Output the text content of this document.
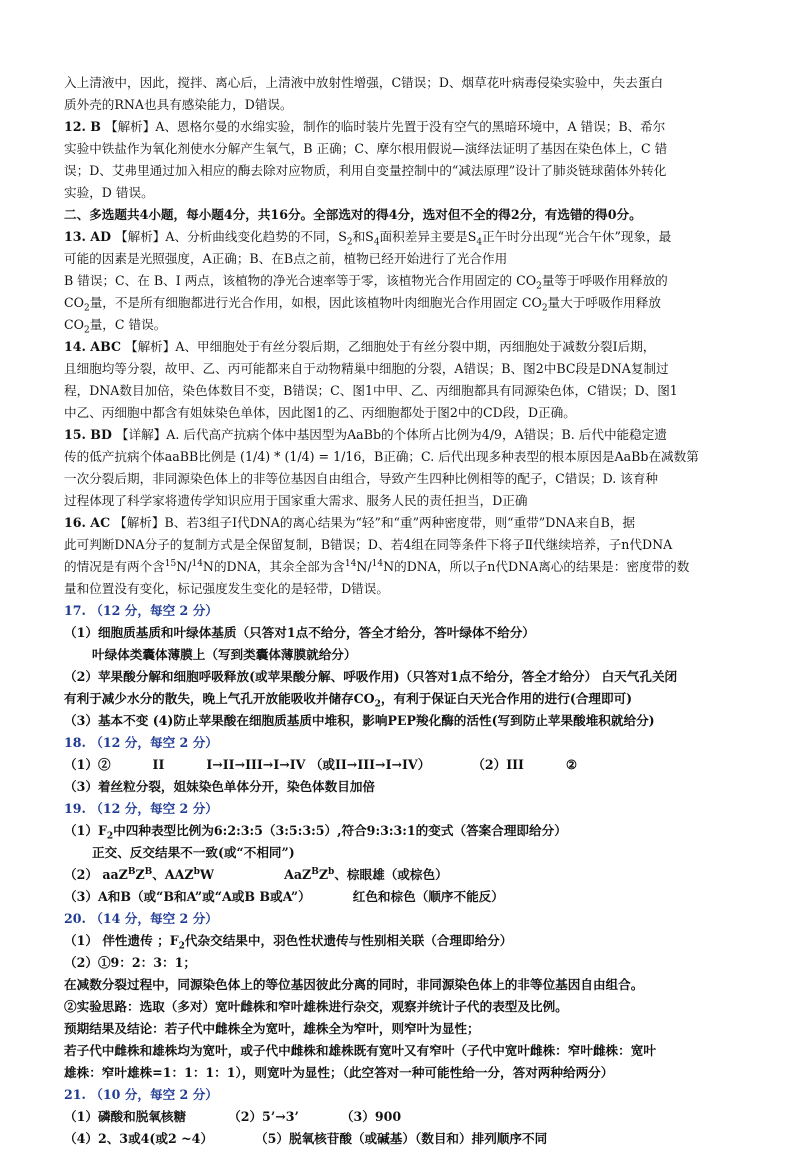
入上清液中，因此，搅拌、离心后，上清液中放射性增强，C错误；D、烟草花叶病毒侵染实验中，失去蛋白

质外壳的RNA也具有感染能力，D错误。

12. B 【解析】A、恩格尔曼的水绵实验，制作的临时装片先置于没有空气的黑暗环境中，A 错误；B、希尔

实验中铁盐作为氧化剂使水分解产生氧气，B 正确；C、摩尔根用假说—演绎法证明了基因在染色体上，C 错

误；D、艾弗里通过加入相应的酶去除对应物质，利用自变量控制中的“减法原理”设计了肺炎链球菌体外转化

实验，D 错误。

二、多选题共4小题，每小题4分，共16分。全部选对的得4分，选对但不全的得2分，有选错的得0分。

13. AD 【解析】A、分析曲线变化趋势的不同，$S_2$和$S_4$面积差异主要是$S_4$正午时分出现“光合午休”现象，最

可能的因素是光照强度，A正确；B、在B点之前，植物已经开始进行了光合作用

B 错误；C、在 B、I 两点，该植物的净光合速率等于零，该植物光合作用固定的 $CO_2$量等于呼吸作用释放的

$CO_2$量，不是所有细胞都进行光合作用，如根，因此该植物叶肉细胞光合作用固定 $CO_2$量大于呼吸作用释放

$CO_2$量，C 错误。

14. ABC 【解析】A、甲细胞处于有丝分裂后期，乙细胞处于有丝分裂中期，丙细胞处于减数分裂Ⅰ后期，

且细胞均等分裂，故甲、乙、丙可能都来自于动物精巢中细胞的分裂，A错误；B、图2中BC段是DNA复制过

程，DNA数目加倍，染色体数目不变，B错误；C、图1中甲、乙、丙细胞都具有同源染色体，C错误；D、图1

中乙、丙细胞中都含有姐妹染色单体，因此图1的乙、丙细胞都处于图2中的CD段，D正确。

15. BD 【详解】A. 后代高产抗病个体中基因型为AaBb的个体所占比例为4/9，A错误；B. 后代中能稳定遗

传的低产抗病个体aaBB比例是 (1/4) * (1/4) = 1/16，B正确；C. 后代出现多种表型的根本原因是AaBb在减数第

一次分裂后期，非同源染色体上的非等位基因自由组合，导致产生四种比例相等的配子，C错误；D. 该育种

过程体现了科学家将遗传学知识应用于国家重大需求、服务人民的责任担当，D正确

16. AC 【解析】B、若3组子Ⅰ代DNA的离心结果为“轻”和“重”两种密度带，则“重带”DNA来自B，据

此可判断DNA分子的复制方式是全保留复制，B错误；D、若4组在同等条件下将子Ⅱ代继续培养，子n代DNA

的情况是有两个含$^{15}$N/$^{14}$N的DNA，其余全部为含$^{14}$N/$^{14}$N的DNA，所以子n代DNA离心的结果是：密度带的数

量和位置没有变化，标记强度发生变化的是轻带，D错误。

17. （12 分，每空 2 分）

（1）细胞质基质和叶绿体基质（只答对1点不给分，答全才给分，答叶绿体不给分）

叶绿体类囊体薄膜上（写到类囊体薄膜就给分）

（2）苹果酸分解和细胞呼吸释放(或苹果酸分解、呼吸作用)（只答对1点不给分，答全才给分） 白天气孔关闭

有利于减少水分的散失，晚上气孔开放能吸收并储存$CO_2$，有利于保证白天光合作用的进行(合理即可)

（3）基本不变 (4)防止苹果酸在细胞质基质中堆积，影响PEP羧化酶的活性(写到防止苹果酸堆积就给分)

18. （12 分，每空 2 分）

（1）②	II	I→II→III→I→IV （或II→III→I→IV）	（2）III	②

（3）着丝粒分裂，姐妹染色单体分开，染色体数目加倍

19. （12 分，每空 2 分）

$(1)F_2$中四种表型比例为6:2:3:5（3:5:3:5）,符合9:3:3:1的变式（答案合理即给分）

正交、反交结果不一致(或“不相同”)

（2） $aaZ^BZ^B$、AAZ$^b$W	$AaZ^BZ^b$、棕眼雄（或棕色）

（3）A和B（或“B和A”或“A或B B或A”）	红色和棕色（顺序不能反）

20. （14 分，每空 2 分）

（1） 伴性遗传 ；$F_2$代杂交结果中，羽色性状遗传与性别相关联（合理即给分）

（2）①9：2：3：1；

在减数分裂过程中，同源染色体上的等位基因彼此分离的同时，非同源染色体上的非等位基因自由组合。

②实验思路：选取（多对）宽叶雌株和窄叶雄株进行杂交，观察并统计子代的表型及比例。

预期结果及结论：若子代中雌株全为宽叶，雄株全为窄叶，则窄叶为显性；

若子代中雌株和雄株均为宽叶，或子代中雌株和雄株既有宽叶又有窄叶（子代中宽叶雌株：窄叶雌株：宽叶

雄株：窄叶雄株=1：1：1：1），则宽叶为显性；（此空答对一种可能性给一分，答对两种给两分）

21. （10 分，每空 2 分）

（1）磷酸和脱氧核糖	（2）5’→3’	（3）900

（4）2、3或4(或2 ~4）	（5）脱氧核苷酸（或碱基）（数目和）排列顺序不同
